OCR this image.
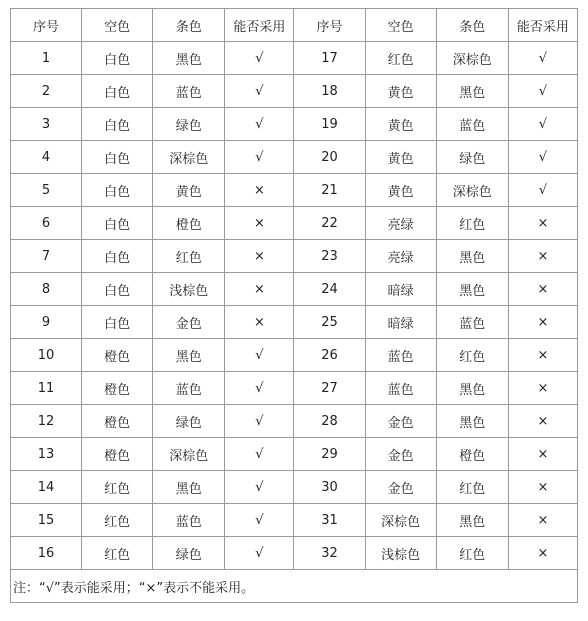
序号	空色	条色	能否采用	序号	空色	条色	能否采用
1	白色	黑色	√	17	红色	深棕色	√
2	白色	蓝色	√	18	黄色	黑色	√
3	白色	绿色	√	19	黄色	蓝色	√
4	白色	深棕色	√	20	黄色	绿色	√
5	白色	黄色	×	21	黄色	深棕色	√
6	白色	橙色	×	22	亮绿	红色	×
7	白色	红色	×	23	亮绿	黑色	×
8	白色	浅棕色	×	24	暗绿	黑色	×
9	白色	金色	×	25	暗绿	蓝色	×
10	橙色	黑色	√	26	蓝色	红色	×
11	橙色	蓝色	√	27	蓝色	黑色	×
12	橙色	绿色	√	28	金色	黑色	×
13	橙色	深棕色	√	29	金色	橙色	×
14	红色	黑色	√	30	金色	红色	×
15	红色	蓝色	√	31	深棕色	黑色	×
16	红色	绿色	√	32	浅棕色	红色	×
注：“√”表示能采用；“×”表示不能采用。							
